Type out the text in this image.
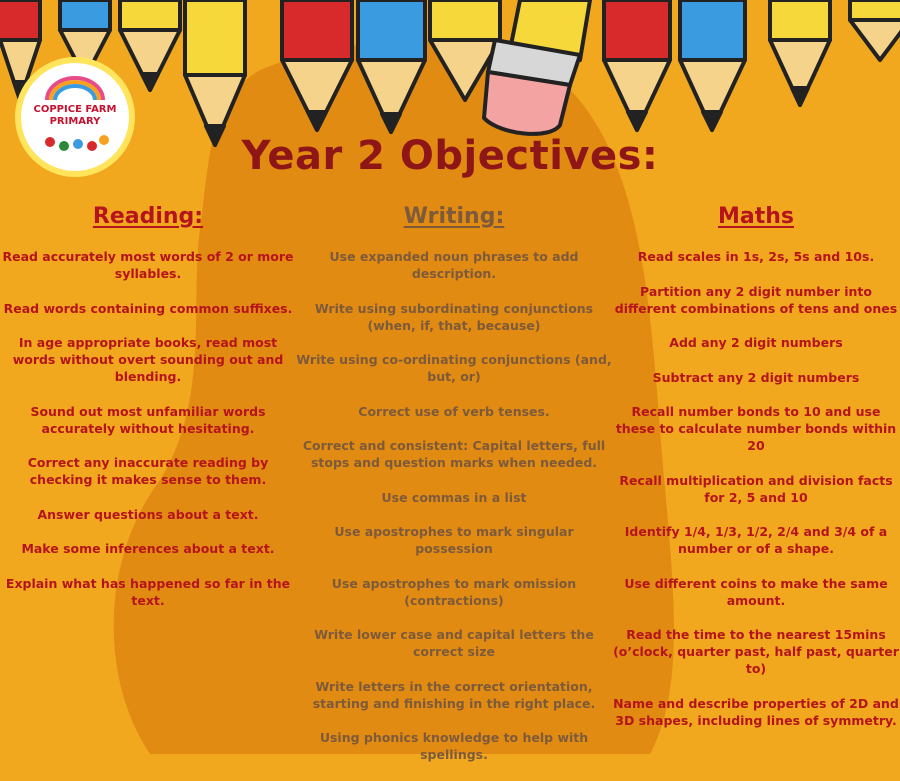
COPPICE FARM
PRIMARY
Year 2 Objectives:
Reading:
Read accurately most words of 2 or more syllables.
Read words containing common suffixes.
In age appropriate books, read most words without overt sounding out and blending.
Sound out most unfamiliar words accurately without hesitating.
Correct any inaccurate reading by checking it makes sense to them.
Answer questions about a text.
Make some inferences about a text.
Explain what has happened so far in the text.
Writing:
Use expanded noun phrases to add description.
Write using subordinating conjunctions (when, if, that, because)
Write using co-ordinating conjunctions (and, but, or)
Correct use of verb tenses.
Correct and consistent: Capital letters, full stops and question marks when needed.
Use commas in a list
Use apostrophes to mark singular possession
Use apostrophes to mark omission (contractions)
Write lower case and capital letters the correct size
Write letters in the correct orientation, starting and finishing in the right place.
Using phonics knowledge to help with spellings.
Maths
Read scales in 1s, 2s, 5s and 10s.
Partition any 2 digit number into different combinations of tens and ones
Add any 2 digit numbers
Subtract any 2 digit numbers
Recall number bonds to 10 and use these to calculate number bonds within 20
Recall multiplication and division facts for 2, 5 and 10
Identify 1/4, 1/3, 1/2, 2/4 and 3/4 of a number or of a shape.
Use different coins to make the same amount.
Read the time to the nearest 15mins (o’clock, quarter past, half past, quarter to)
Name and describe properties of 2D and 3D shapes, including lines of symmetry.
